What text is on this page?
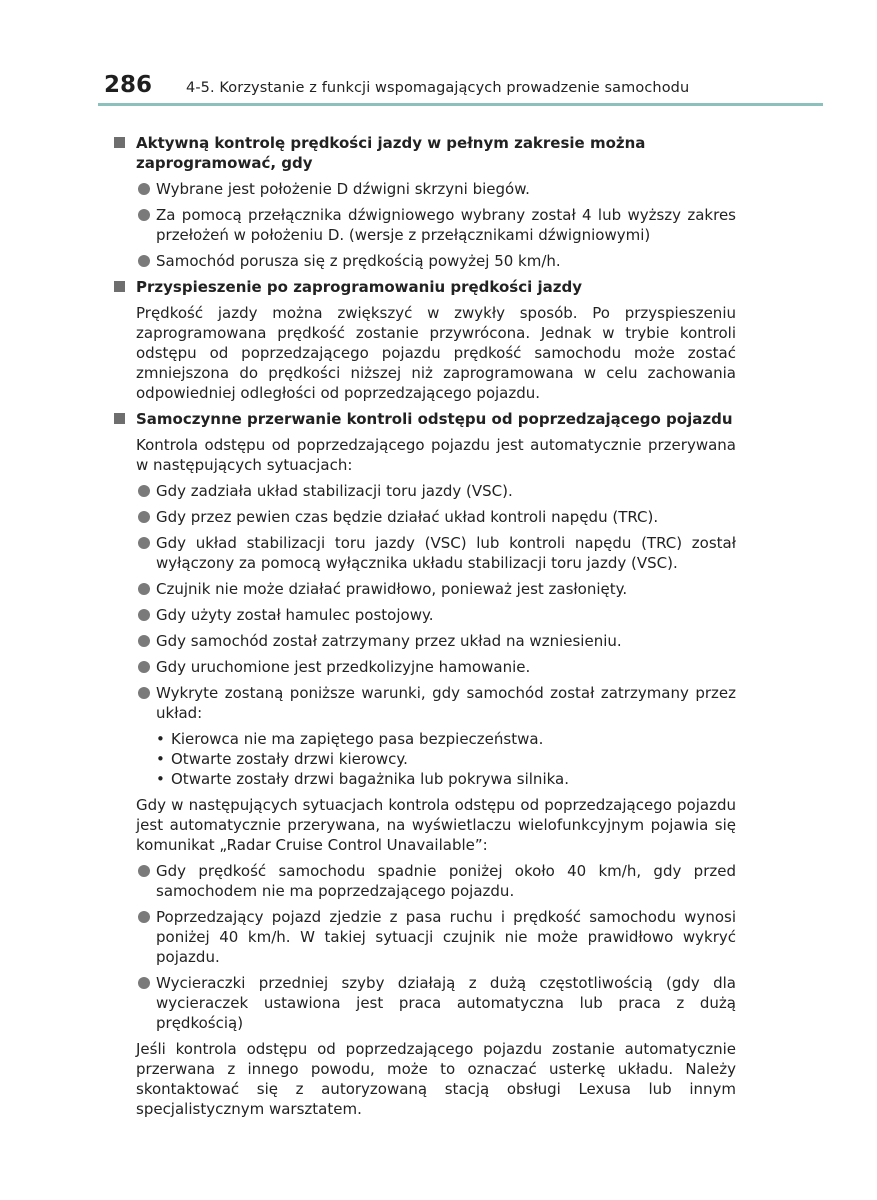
286 4-5. Korzystanie z funkcji wspomagających prowadzenie samochodu
Aktywną kontrolę prędkości jazdy w pełnym zakresie można zaprogramować, gdy
Wybrane jest położenie D dźwigni skrzyni biegów.
Za pomocą przełącznika dźwigniowego wybrany został 4 lub wyższy zakres przełożeń w położeniu D. (wersje z przełącznikami dźwigniowymi)
Samochód porusza się z prędkością powyżej 50 km/h.
Przyspieszenie po zaprogramowaniu prędkości jazdy

Prędkość jazdy można zwiększyć w zwykły sposób. Po przyspieszeniu zaprogramowana prędkość zostanie przywrócona. Jednak w trybie kontroli odstępu od poprzedzającego pojazdu prędkość samochodu może zostać zmniejszona do prędkości niższej niż zaprogramowana w celu zachowania odpowiedniej odległości od poprzedzającego pojazdu.

Samoczynne przerwanie kontroli odstępu od poprzedzającego pojazdu

Kontrola odstępu od poprzedzającego pojazdu jest automatycznie przerywana w następujących sytuacjach:

Gdy zadziała układ stabilizacji toru jazdy (VSC).
Gdy przez pewien czas będzie działać układ kontroli napędu (TRC).
Gdy układ stabilizacji toru jazdy (VSC) lub kontroli napędu (TRC) został wyłączony za pomocą wyłącznika układu stabilizacji toru jazdy (VSC).
Czujnik nie może działać prawidłowo, ponieważ jest zasłonięty.
Gdy użyty został hamulec postojowy.
Gdy samochód został zatrzymany przez układ na wzniesieniu.
Gdy uruchomione jest przedkolizyjne hamowanie.
Wykryte zostaną poniższe warunki, gdy samochód został zatrzymany przez układ:
• Kierowca nie ma zapiętego pasa bezpieczeństwa.
• Otwarte zostały drzwi kierowcy.
• Otwarte zostały drzwi bagażnika lub pokrywa silnika.

Gdy w następujących sytuacjach kontrola odstępu od poprzedzającego pojazdu jest automatycznie przerywana, na wyświetlaczu wielofunkcyjnym pojawia się komunikat „Radar Cruise Control Unavailable”:

Gdy prędkość samochodu spadnie poniżej około 40 km/h, gdy przed samochodem nie ma poprzedzającego pojazdu.
Poprzedzający pojazd zjedzie z pasa ruchu i prędkość samochodu wynosi poniżej 40 km/h. W takiej sytuacji czujnik nie może prawidłowo wykryć pojazdu.
Wycieraczki przedniej szyby działają z dużą częstotliwością (gdy dla wycieraczek ustawiona jest praca automatyczna lub praca z dużą prędkością)

Jeśli kontrola odstępu od poprzedzającego pojazdu zostanie automatycznie przerwana z innego powodu, może to oznaczać usterkę układu. Należy skontaktować się z autoryzowaną stacją obsługi Lexusa lub innym specjalistycznym warsztatem.
